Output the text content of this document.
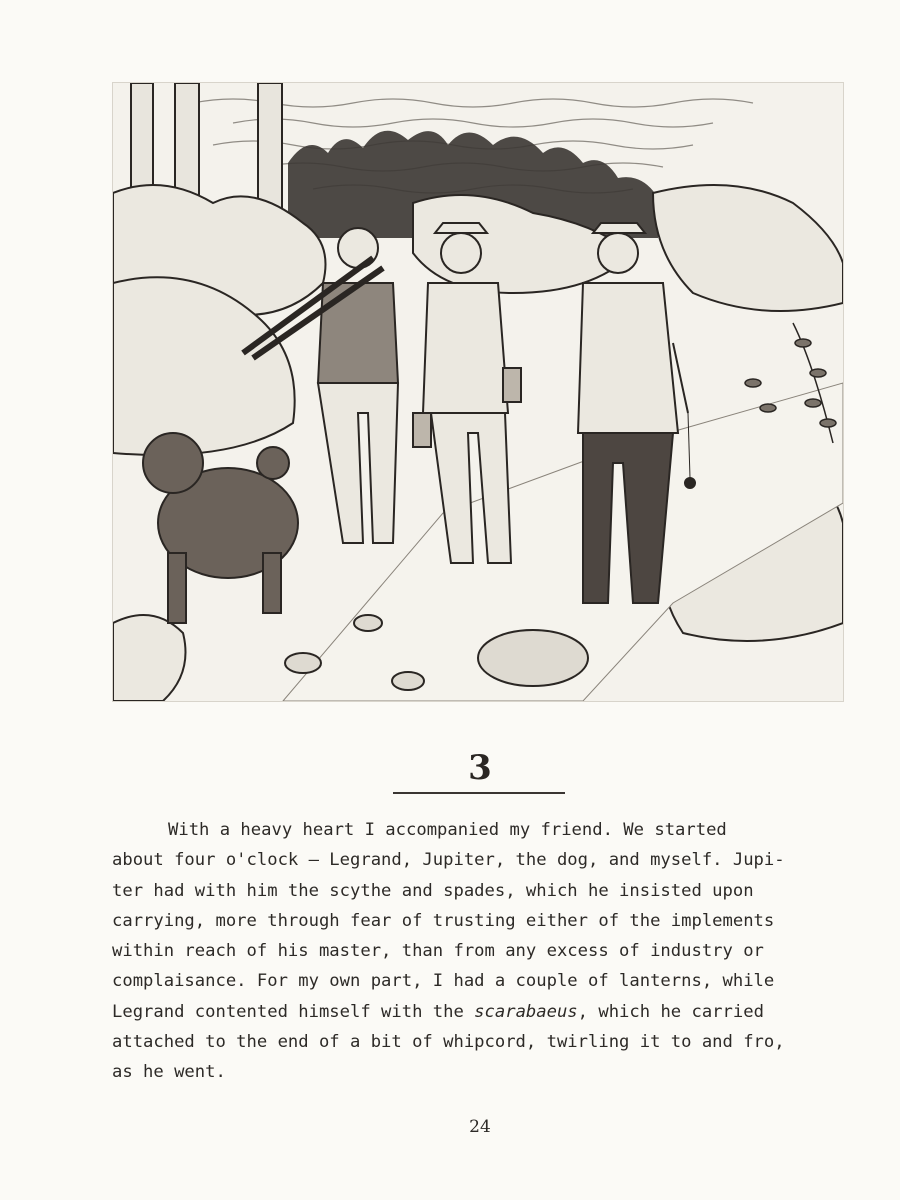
3
With a heavy heart I accompanied my friend. We started
about four o'clock — Legrand, Jupiter, the dog, and myself. Jupi-
ter had with him the scythe and spades, which he insisted upon
carrying, more through fear of trusting either of the implements
within reach of his master, than from any excess of industry or
complaisance. For my own part, I had a couple of lanterns, while
Legrand contented himself with the scarabaeus, which he carried
attached to the end of a bit of whipcord, twirling it to and fro,
as he went.
24
